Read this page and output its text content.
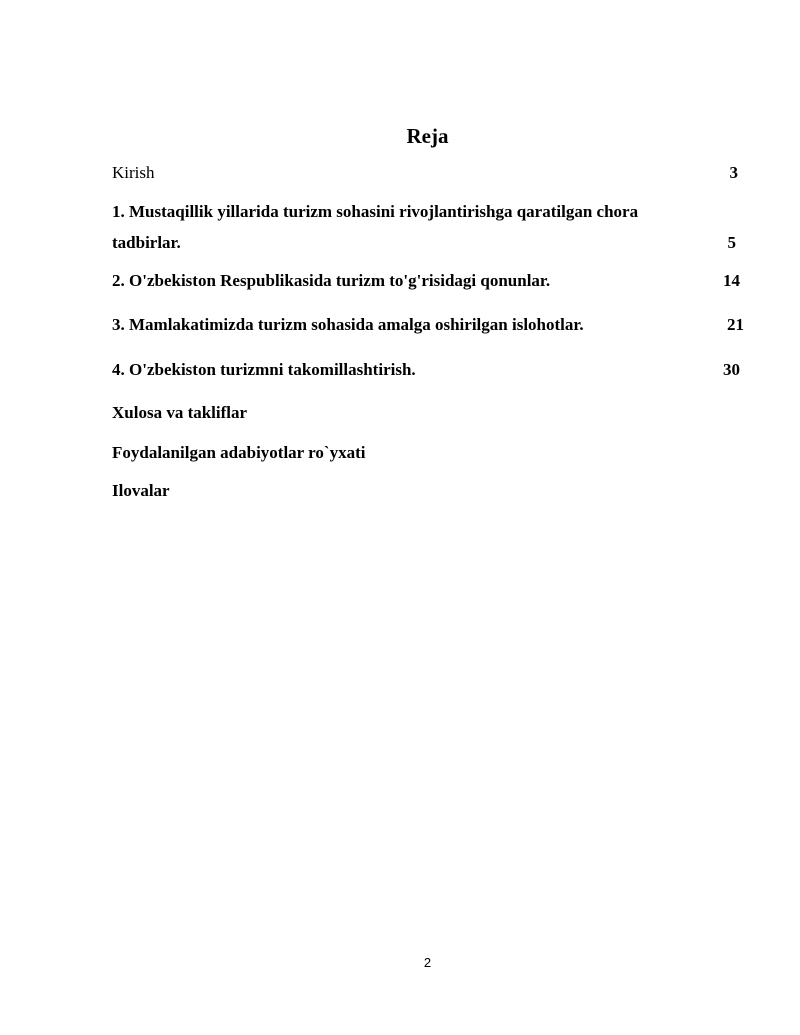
Reja
Kirish	3
1. Mustaqillik yillarida turizm sohasini rivojlantirishga qaratilgan chora
tadbirlar.	5
2. O'zbekiston Respublikasida turizm to'g'risidagi qonunlar.	14
3. Mamlakatimizda turizm sohasida amalga oshirilgan islohotlar.	21
4. O'zbekiston turizmni takomillashtirish.	30
Xulosa va takliflar
Foydalanilgan adabiyotlar ro`yxati
Ilovalar
2
